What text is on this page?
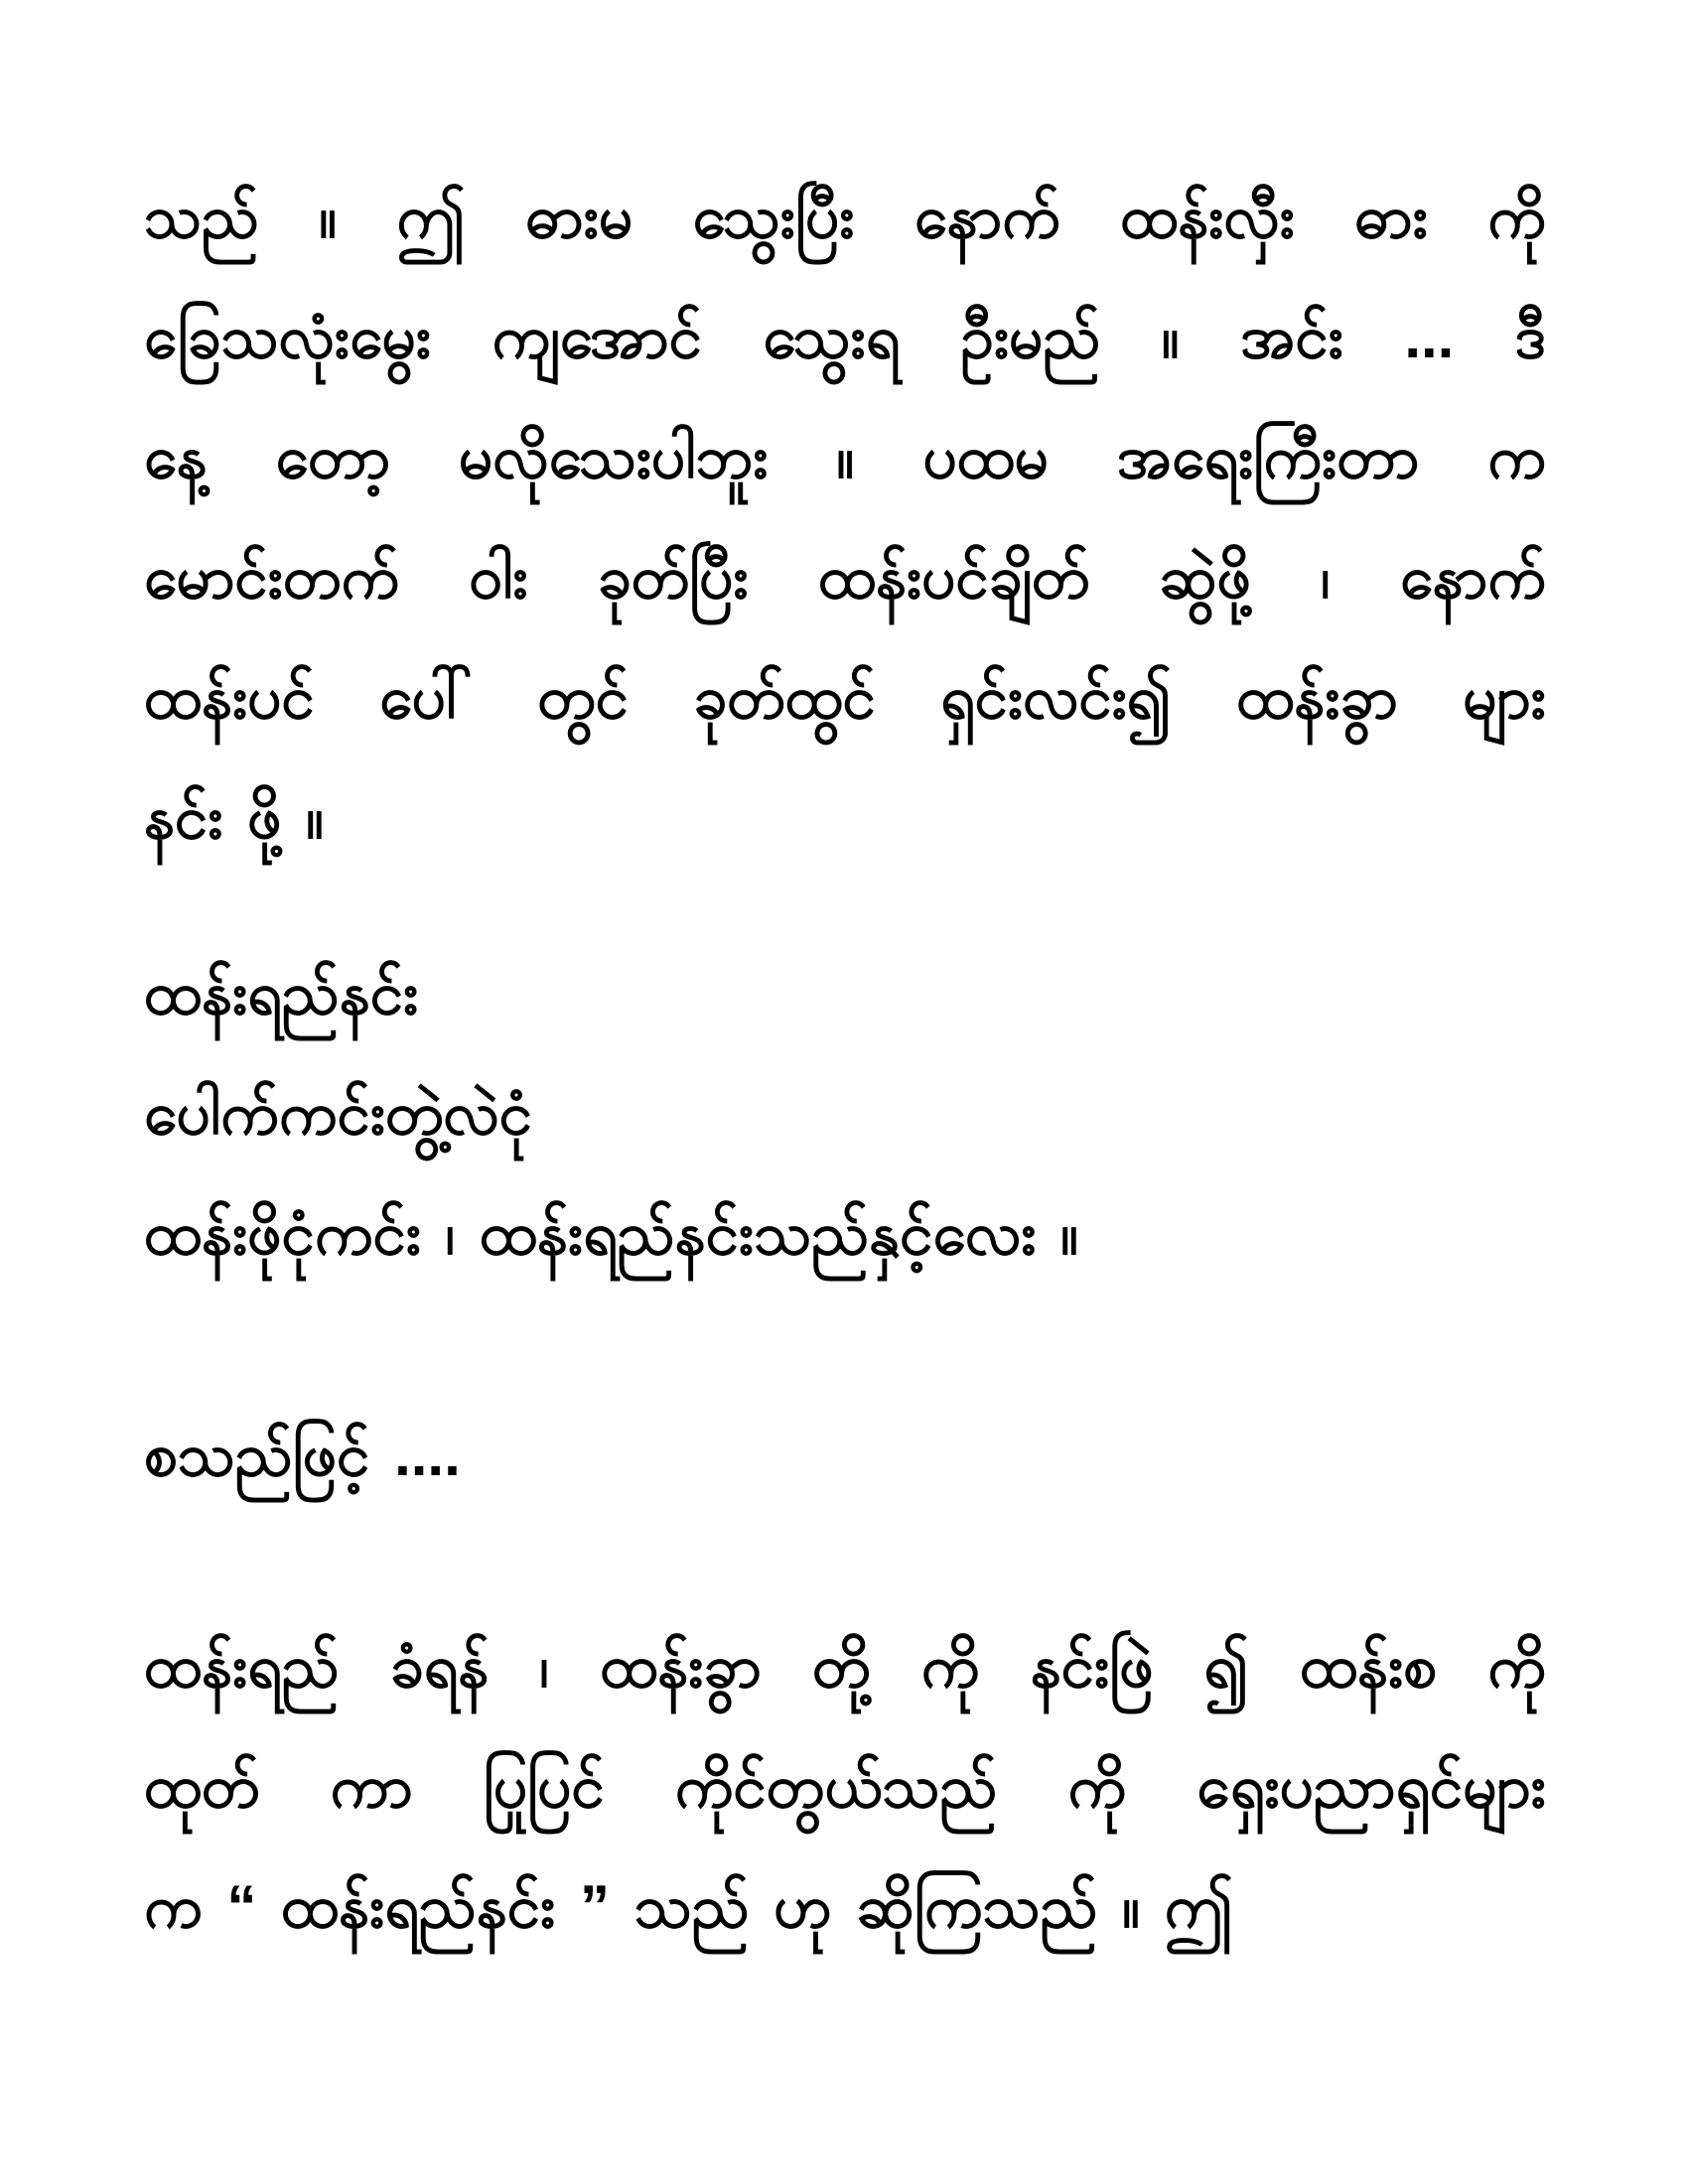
သည် ။ ဤ ဓားမ သွေးပြီး နောက် ထန်းလှီး ဓား ကို
ခြေသလုံးမွေး ကျအောင် သွေးရ ဦးမည် ။ အင်း ... ဒီ
နေ့ တော့ မလိုသေးပါဘူး ။ ပထမ အရေးကြီးတာ က
မောင်းတက် ဝါး ခုတ်ပြီး ထန်းပင်ချိတ် ဆွဲဖို့ ၊ နောက်
ထန်းပင် ပေါ် တွင် ခုတ်ထွင် ရှင်းလင်း၍ ထန်းခွာ များ
နင်း ဖို့ ။
ထန်းရည်နင်း
ပေါက်ကင်းတွဲ့လဲငုံ
ထန်းဖိုငုံကင်း ၊ ထန်းရည်နင်းသည်နှင့်လေး ။
စသည်ဖြင့် ....
ထန်းရည် ခံရန် ၊ ထန်းခွာ တို့ ကို နင်းဖြဲ ၍ ထန်းစ ကို
ထုတ် ကာ ပြုပြင် ကိုင်တွယ်သည် ကို ရှေးပညာရှင်များ
က “ ထန်းရည်နင်း ” သည် ဟု ဆိုကြသည် ။ ဤ
